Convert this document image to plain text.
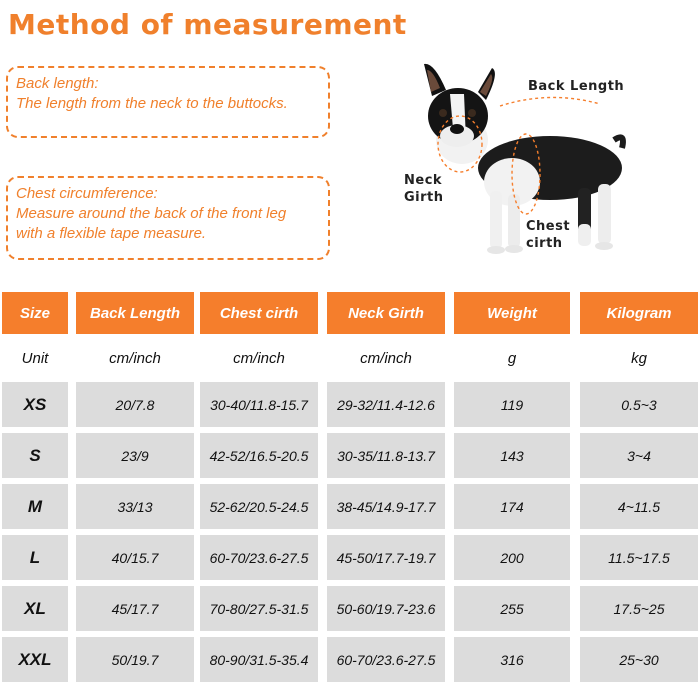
Method of measurement
Back length:
The length from the neck to the buttocks.
Chest circumference:
Measure around the back of the front leg
with a flexible tape measure.
Back Length
Neck
Girth
Chest
cirth
Size	Back Length	Chest cirth	Neck Girth	Weight	Kilogram
Unit	cm/inch	cm/inch	cm/inch	g	kg
XS	20/7.8	30-40/11.8-15.7	29-32/11.4-12.6	119	0.5~3
S	23/9	42-52/16.5-20.5	30-35/11.8-13.7	143	3~4
M	33/13	52-62/20.5-24.5	38-45/14.9-17.7	174	4~11.5
L	40/15.7	60-70/23.6-27.5	45-50/17.7-19.7	200	11.5~17.5
XL	45/17.7	70-80/27.5-31.5	50-60/19.7-23.6	255	17.5~25
XXL	50/19.7	80-90/31.5-35.4	60-70/23.6-27.5	316	25~30
